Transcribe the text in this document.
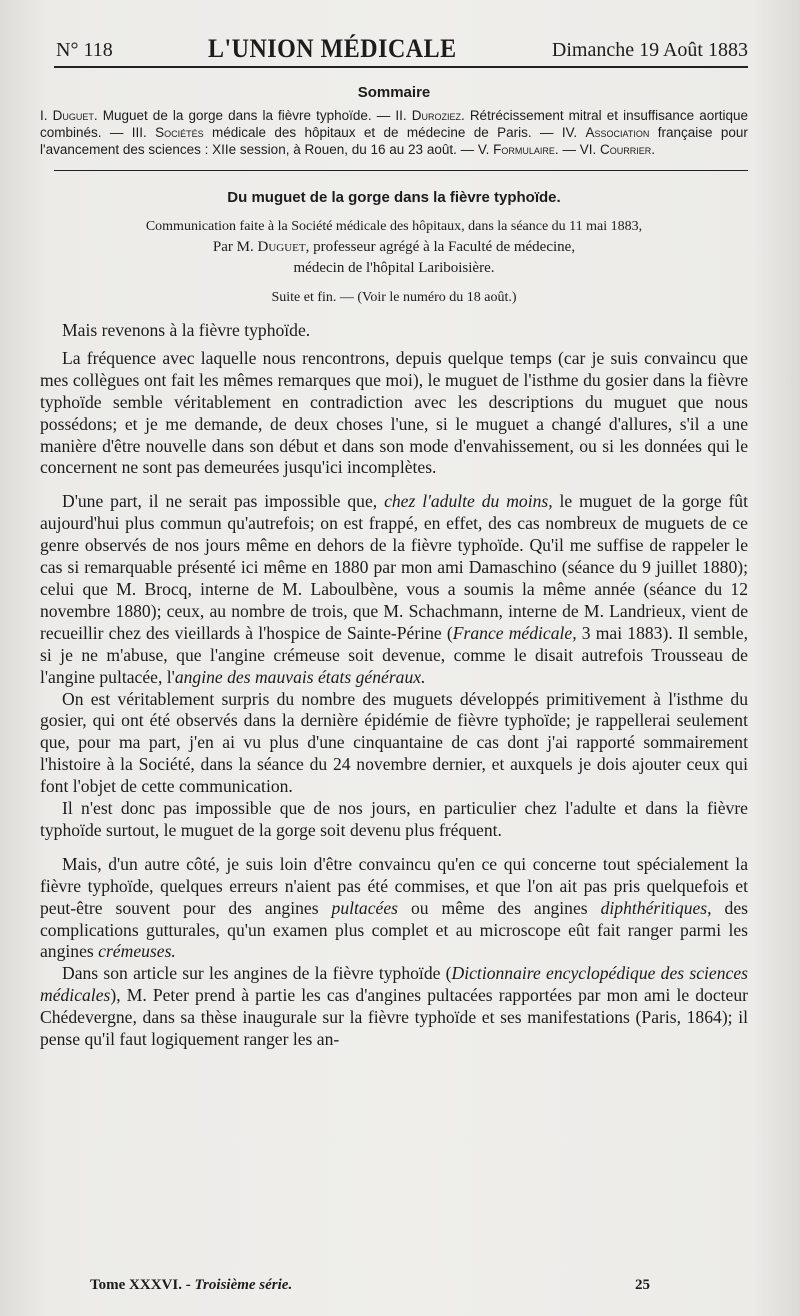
N° 118	L'UNION MÉDICALE	Dimanche 19 Août 1883
Sommaire
I. Duguet. Muguet de la gorge dans la fièvre typhoïde. — II. Duroziez. Rétrécissement mitral et insuffisance aortique combinés. — III. Sociétés médicale des hôpitaux et de médecine de Paris. — IV. Association française pour l'avancement des sciences : XIIe session, à Rouen, du 16 au 23 août. — V. Formulaire. — VI. Courrier.
Du muguet de la gorge dans la fièvre typhoïde.
Communication faite à la Société médicale des hôpitaux, dans la séance du 11 mai 1883,
Par M. Duguet, professeur agrégé à la Faculté de médecine,
médecin de l'hôpital Lariboisière.
Suite et fin. — (Voir le numéro du 18 août.)

Mais revenons à la fièvre typhoïde.

La fréquence avec laquelle nous rencontrons, depuis quelque temps (car je suis convaincu que mes collègues ont fait les mêmes remarques que moi), le muguet de l'isthme du gosier dans la fièvre typhoïde semble véritablement en contradiction avec les descriptions du muguet que nous possédons; et je me demande, de deux choses l'une, si le muguet a changé d'allures, s'il a une manière d'être nouvelle dans son début et dans son mode d'envahissement, ou si les données qui le concernent ne sont pas demeurées jusqu'ici incomplètes.

D'une part, il ne serait pas impossible que, chez l'adulte du moins, le muguet de la gorge fût aujourd'hui plus commun qu'autrefois; on est frappé, en effet, des cas nombreux de muguets de ce genre observés de nos jours même en dehors de la fièvre typhoïde. Qu'il me suffise de rappeler le cas si remarquable présenté ici même en 1880 par mon ami Damaschino (séance du 9 juillet 1880); celui que M. Brocq, interne de M. Laboulbène, vous a soumis la même année (séance du 12 novembre 1880); ceux, au nombre de trois, que M. Schachmann, interne de M. Landrieux, vient de recueillir chez des vieillards à l'hospice de Sainte-Périne (France médicale, 3 mai 1883). Il semble, si je ne m'abuse, que l'angine crémeuse soit devenue, comme le disait autrefois Trousseau de l'angine pultacée, l'angine des mauvais états généraux.

On est véritablement surpris du nombre des muguets développés primitivement à l'isthme du gosier, qui ont été observés dans la dernière épidémie de fièvre typhoïde; je rappellerai seulement que, pour ma part, j'en ai vu plus d'une cinquantaine de cas dont j'ai rapporté sommairement l'histoire à la Société, dans la séance du 24 novembre dernier, et auxquels je dois ajouter ceux qui font l'objet de cette communication.

Il n'est donc pas impossible que de nos jours, en particulier chez l'adulte et dans la fièvre typhoïde surtout, le muguet de la gorge soit devenu plus fréquent.

Mais, d'un autre côté, je suis loin d'être convaincu qu'en ce qui concerne tout spécialement la fièvre typhoïde, quelques erreurs n'aient pas été commises, et que l'on ait pas pris quelquefois et peut-être souvent pour des angines pultacées ou même des angines diphthéritiques, des complications gutturales, qu'un examen plus complet et au microscope eût fait ranger parmi les angines crémeuses.

Dans son article sur les angines de la fièvre typhoïde (Dictionnaire encyclopédique des sciences médicales), M. Peter prend à partie les cas d'angines pultacées rapportées par mon ami le docteur Chédevergne, dans sa thèse inaugurale sur la fièvre typhoïde et ses manifestations (Paris, 1864); il pense qu'il faut logiquement ranger les an-

Tome XXXVI. - Troisième série.	25
